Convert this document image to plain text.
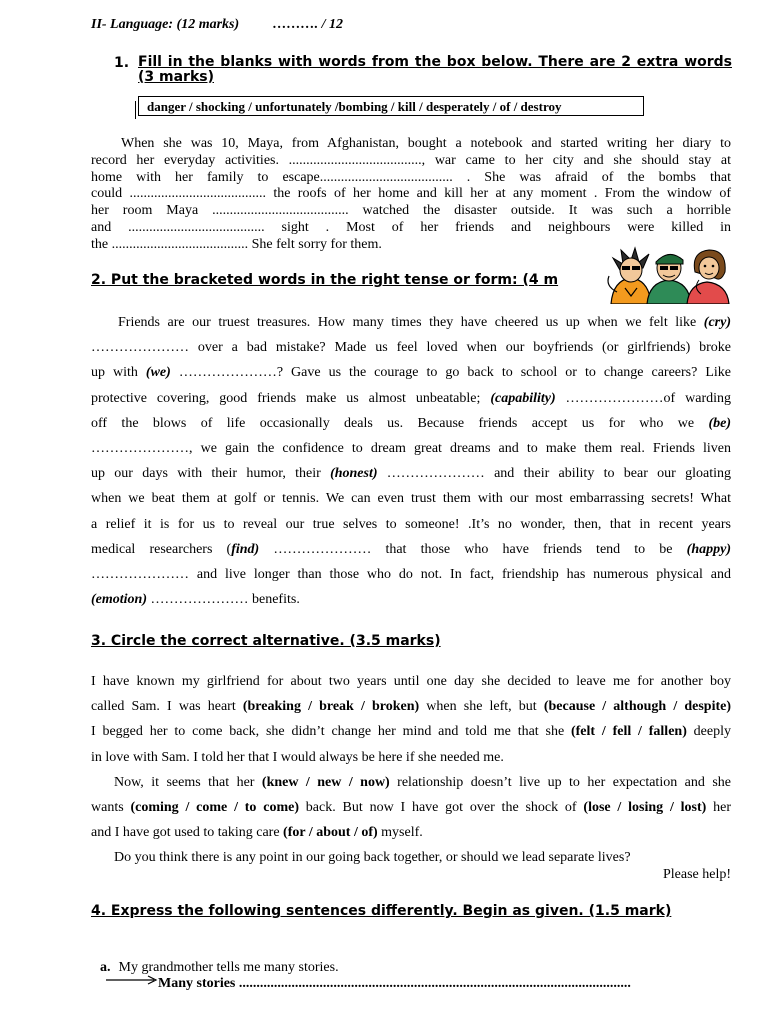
II- Language: (12 marks) ………. / 12
1. Fill in the blanks with words from the box below. There are 2 extra words (3 marks)
danger / shocking / unfortunately /bombing / kill / desperately / of / destroy
When she was 10, Maya, from Afghanistan, bought a notebook and started writing her diary to
record her everyday activities. ......................................, war came to her city and she should stay at
home with her family to escape...................................... . She was afraid of the bombs that
could ....................................... the roofs of her home and kill her at any moment . From the window of
her room Maya ....................................... watched the disaster outside. It was such a horrible
and ....................................... sight . Most of her friends and neighbours were killed in
the ....................................... She felt sorry for them.
2. Put the bracketed words in the right tense or form: (4 m
Friends are our truest treasures. How many times they have cheered us up when we felt like (cry)
………………… over a bad mistake? Made us feel loved when our boyfriends (or girlfriends) broke
up with (we) …………………? Gave us the courage to go back to school or to change careers? Like
protective covering, good friends make us almost unbeatable; (capability) …………………of warding
off the blows of life occasionally deals us. Because friends accept us for who we (be)
…………………, we gain the confidence to dream great dreams and to make them real. Friends liven
up our days with their humor, their (honest) ………………… and their ability to bear our gloating
when we beat them at golf or tennis. We can even trust them with our most embarrassing secrets! What
a relief it is for us to reveal our true selves to someone! .It’s no wonder, then, that in recent years
medical researchers (find) ………………… that those who have friends tend to be (happy)
………………… and live longer than those who do not. In fact, friendship has numerous physical and
(emotion) ………………… benefits.
3. Circle the correct alternative. (3.5 marks)
I have known my girlfriend for about two years until one day she decided to leave me for another boy
called Sam. I was heart (breaking / break / broken) when she left, but (because / although / despite)
I begged her to come back, she didn’t change her mind and told me that she (felt / fell / fallen) deeply
in love with Sam. I told her that I would always be here if she needed me.
Now, it seems that her (knew / new / now) relationship doesn’t live up to her expectation and she
wants (coming / come / to come) back. But now I have got over the shock of (lose / losing / lost) her
and I have got used to taking care (for / about / of) myself.
Do you think there is any point in our going back together, or should we lead separate lives?
Please help!
4. Express the following sentences differently. Begin as given. (1.5 mark)
a. My grandmother tells me many stories.
Many stories ................................................................................................................
